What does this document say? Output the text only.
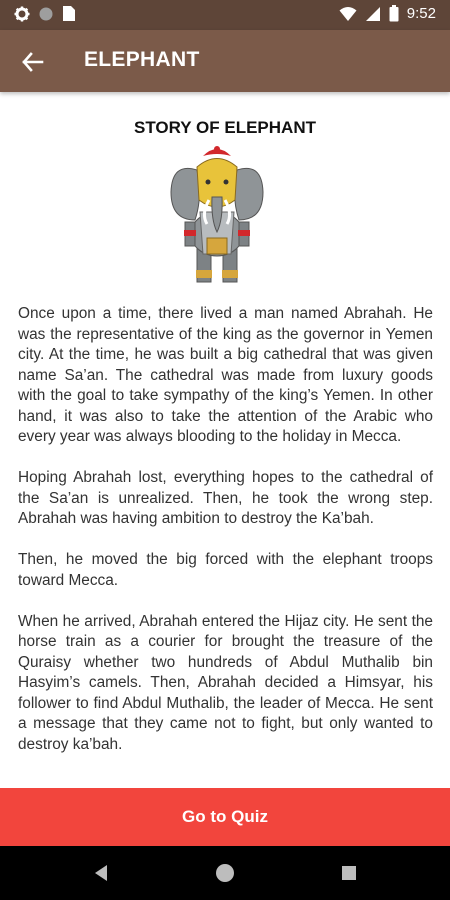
9:52
ELEPHANT
STORY OF ELEPHANT

Once upon a time, there lived a man named Abrahah. He was the representative of the king as the governor in Yemen city. At the time, he was built a big cathedral that was given name Sa’an. The cathedral was made from luxury goods with the goal to take sympathy of the king’s Yemen. In other hand, it was also to take the attention of the Arabic who every year was always blooding to the holiday in Mecca.

Hoping Abrahah lost, everything hopes to the cathedral of the Sa’an is unrealized. Then, he took the wrong step. Abrahah was having ambition to destroy the Ka’bah.

Then, he moved the big forced with the elephant troops toward Mecca.

When he arrived, Abrahah entered the Hijaz city. He sent the horse train as a courier for brought the treasure of the Quraisy whether two hundreds of Abdul Muthalib bin Hasyim’s camels. Then, Abrahah decided a Himsyar, his follower to find Abdul Muthalib, the leader of Mecca. He sent a message that they came not to fight, but only wanted to destroy ka’bah.

Go to Quiz
